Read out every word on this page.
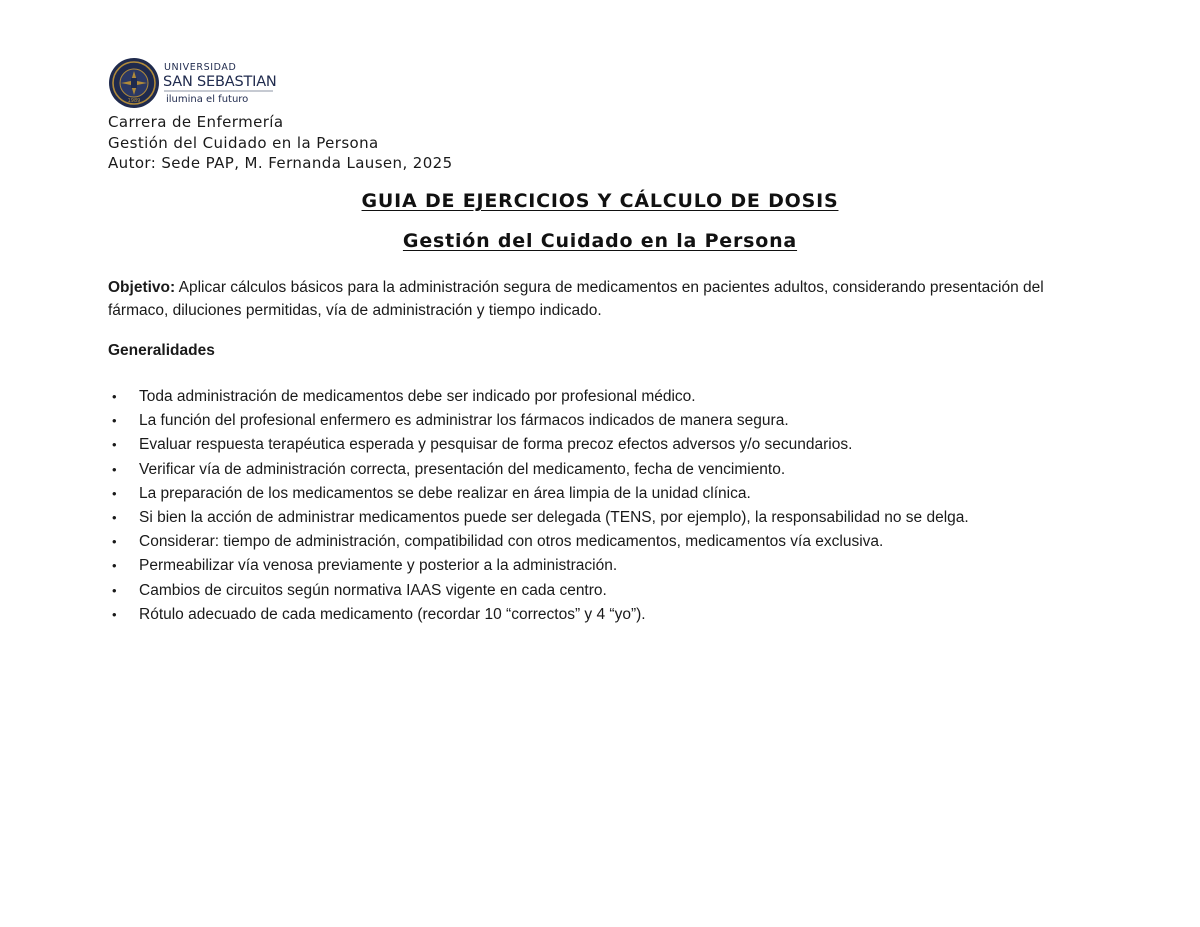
1989
UNIVERSIDAD
SAN SEBASTIAN
ilumina el futuro
Carrera de Enfermería
Gestión del Cuidado en la Persona
Autor: Sede PAP, M. Fernanda Lausen, 2025
GUIA DE EJERCICIOS Y CÁLCULO DE DOSIS
Gestión del Cuidado en la Persona
Objetivo: Aplicar cálculos básicos para la administración segura de medicamentos en pacientes adultos, considerando presentación del fármaco, diluciones permitidas, vía de administración y tiempo indicado.
Generalidades
• Toda administración de medicamentos debe ser indicado por profesional médico.
• La función del profesional enfermero es administrar los fármacos indicados de manera segura.
• Evaluar respuesta terapéutica esperada y pesquisar de forma precoz efectos adversos y/o secundarios.
• Verificar vía de administración correcta, presentación del medicamento, fecha de vencimiento.
• La preparación de los medicamentos se debe realizar en área limpia de la unidad clínica.
• Si bien la acción de administrar medicamentos puede ser delegada (TENS, por ejemplo), la responsabilidad no se delga.
• Considerar: tiempo de administración, compatibilidad con otros medicamentos, medicamentos vía exclusiva.
• Permeabilizar vía venosa previamente y posterior a la administración.
• Cambios de circuitos según normativa IAAS vigente en cada centro.
• Rótulo adecuado de cada medicamento (recordar 10 “correctos” y 4 “yo”).
